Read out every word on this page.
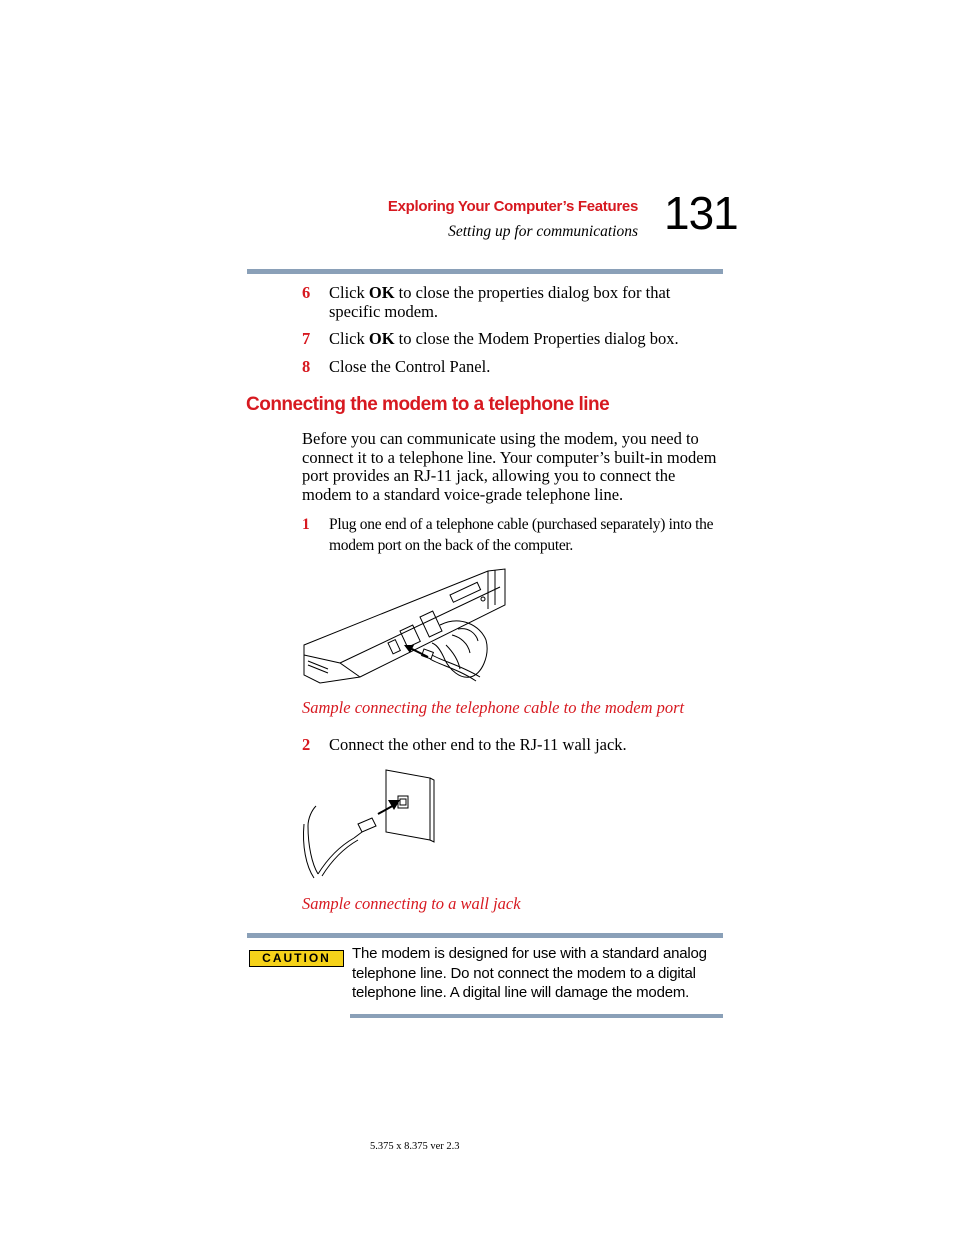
Exploring Your Computer’s Features
Setting up for communications 131
6 Click OK to close the properties dialog box for that specific modem.
7 Click OK to close the Modem Properties dialog box.
8 Close the Control Panel.
Connecting the modem to a telephone line
Before you can communicate using the modem, you need to connect it to a telephone line. Your computer’s built-in modem port provides an RJ-11 jack, allowing you to connect the modem to a standard voice-grade telephone line.
1 Plug one end of a telephone cable (purchased separately) into the modem port on the back of the computer.
Sample connecting the telephone cable to the modem port
2 Connect the other end to the RJ-11 wall jack.
Sample connecting to a wall jack
CAUTION	The modem is designed for use with a standard analog telephone line. Do not connect the modem to a digital telephone line. A digital line will damage the modem.
5.375 x 8.375 ver 2.3
